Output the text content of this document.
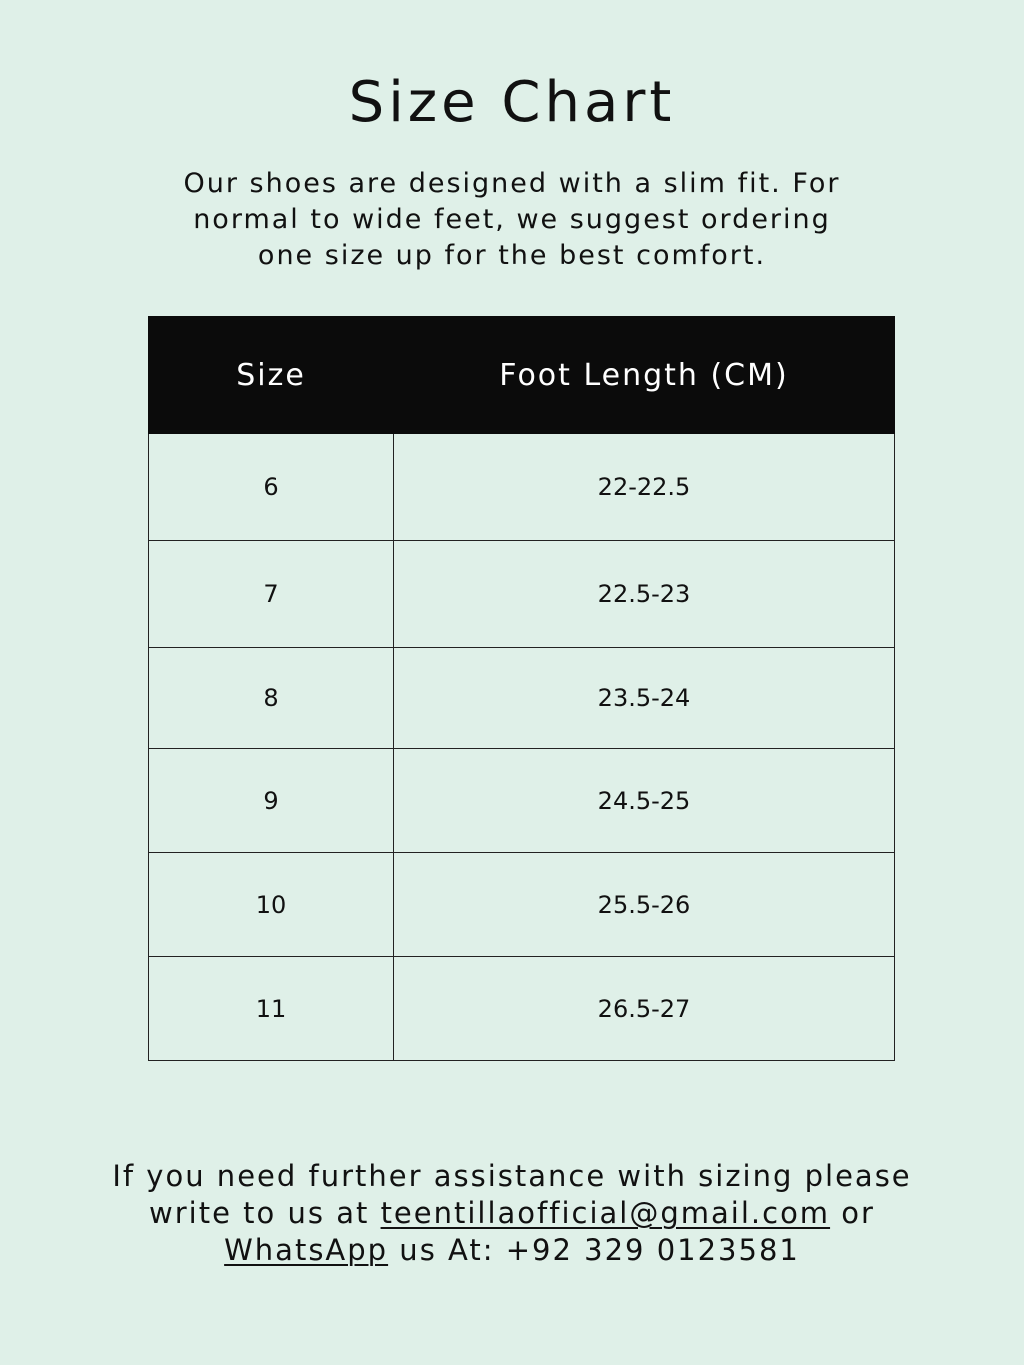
Size Chart

Our shoes are designed with a slim fit. For
normal to wide feet, we suggest ordering
one size up for the best comfort.

Size	Foot Length (CM)
6	22-22.5
7	22.5-23
8	23.5-24
9	24.5-25
10	25.5-26
11	26.5-27

If you need further assistance with sizing please
write to us at teentillaofficial@gmail.com or
WhatsApp us At: +92 329 0123581
